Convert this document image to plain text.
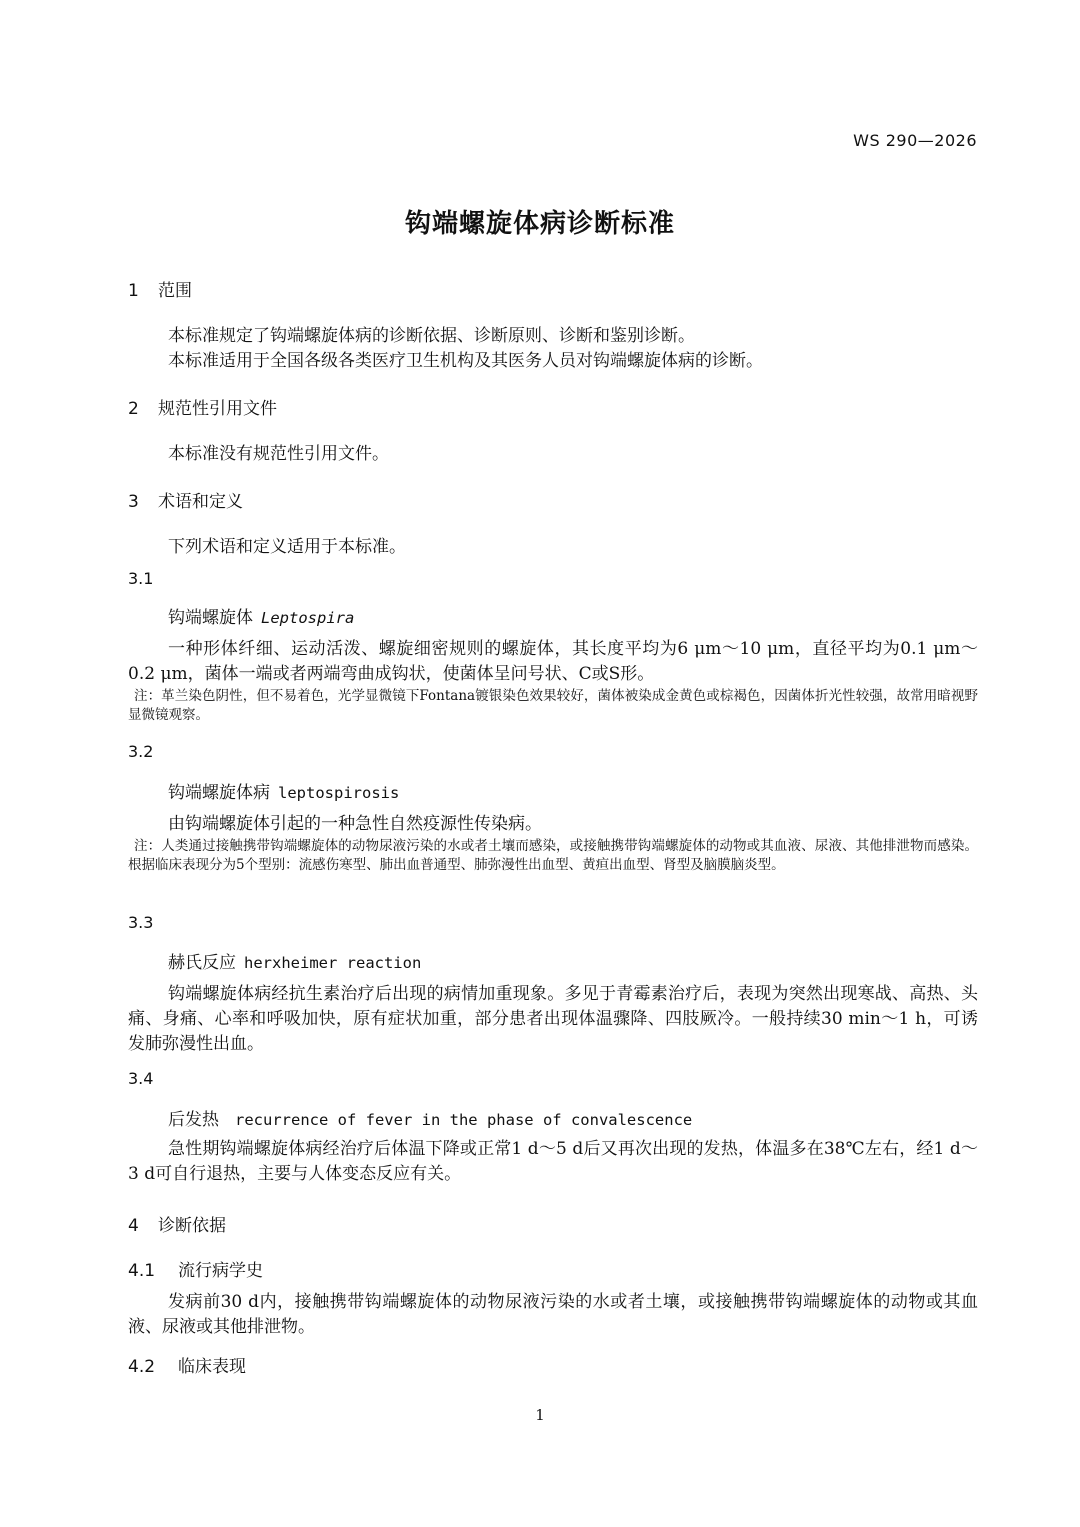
WS 290—2026
钩端螺旋体病诊断标准
1 范围
本标准规定了钩端螺旋体病的诊断依据、诊断原则、诊断和鉴别诊断。
本标准适用于全国各级各类医疗卫生机构及其医务人员对钩端螺旋体病的诊断。
2 规范性引用文件
本标准没有规范性引用文件。
3 术语和定义
下列术语和定义适用于本标准。
3.1
钩端螺旋体 Leptospira
一种形体纤细、运动活泼、螺旋细密规则的螺旋体，其长度平均为6 μm～10 μm，直径平均为0.1 μm～0.2 μm，菌体一端或者两端弯曲成钩状，使菌体呈问号状、C或S形。
注：革兰染色阴性，但不易着色，光学显微镜下Fontana镀银染色效果较好，菌体被染成金黄色或棕褐色，因菌体折光性较强，故常用暗视野显微镜观察。
3.2
钩端螺旋体病 leptospirosis
由钩端螺旋体引起的一种急性自然疫源性传染病。
注：人类通过接触携带钩端螺旋体的动物尿液污染的水或者土壤而感染，或接触携带钩端螺旋体的动物或其血液、尿液、其他排泄物而感染。根据临床表现分为5个型别：流感伤寒型、肺出血普通型、肺弥漫性出血型、黄疸出血型、肾型及脑膜脑炎型。
3.3
赫氏反应 herxheimer reaction
钩端螺旋体病经抗生素治疗后出现的病情加重现象。多见于青霉素治疗后，表现为突然出现寒战、高热、头痛、身痛、心率和呼吸加快，原有症状加重，部分患者出现体温骤降、四肢厥冷。一般持续30 min～1 h，可诱发肺弥漫性出血。
3.4
后发热 recurrence of fever in the phase of convalescence
急性期钩端螺旋体病经治疗后体温下降或正常1 d～5 d后又再次出现的发热，体温多在38℃左右，经1 d～3 d可自行退热，主要与人体变态反应有关。
4 诊断依据
4.1 流行病学史
发病前30 d内，接触携带钩端螺旋体的动物尿液污染的水或者土壤，或接触携带钩端螺旋体的动物或其血液、尿液或其他排泄物。
4.2 临床表现
1
